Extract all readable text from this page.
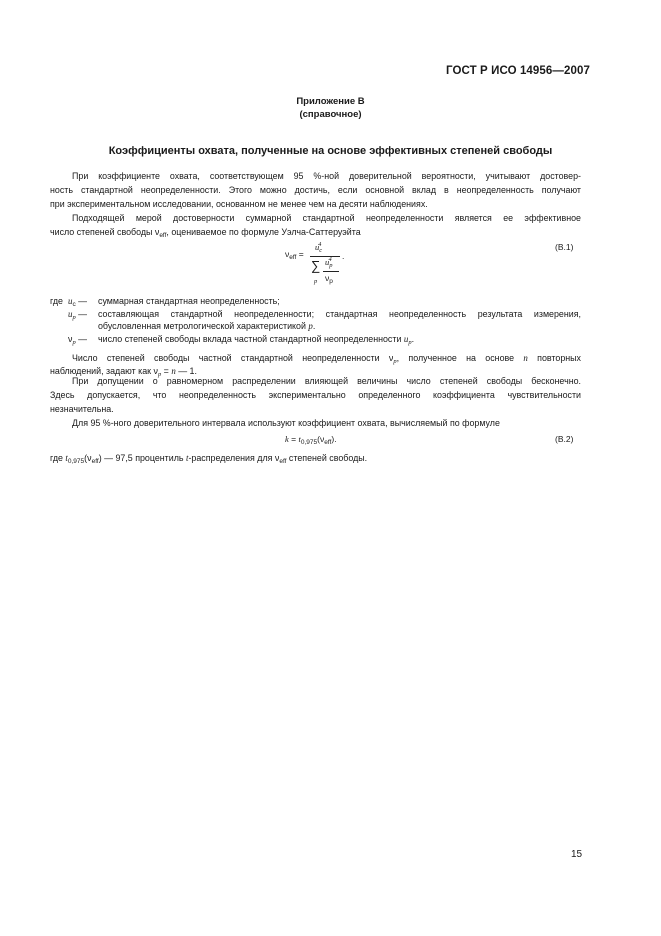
ГОСТ Р ИСО 14956—2007
Приложение В
(справочное)
Коэффициенты охвата, полученные на основе эффективных степеней свободы
При коэффициенте охвата, соответствующем 95 %-ной доверительной вероятности, учитывают достовер-
ность стандартной неопределенности. Этого можно достичь, если основной вклад в неопределенность получают
при экспериментальном исследовании, основанном не менее чем на десяти наблюдениях.
Подходящей мерой достоверности суммарной стандартной неопределенности является ее эффективное
число степеней свободы $\nu_{eff}$, оцениваемое по формуле Уэлча-Саттеруэйта
$\nu_{eff}$ =
$u_c^4$
∑
p
$u_p^4$
$\nu_p$
.
(В.1)
где $u_c$ — суммарная стандартная неопределенность;
$u_p$ — составляющая стандартной неопределенности; стандартная неопределенность результата измерения,
обусловленная метрологической характеристикой p.
$\nu_p$ — число степеней свободы вклада частной стандартной неопределенности $u_p$.
Число степеней свободы частной стандартной неопределенности $\nu_p$, полученное на основе n повторных
наблюдений, задают как $\nu_p = n$ — 1.
При допущении о равномерном распределении влияющей величины число степеней свободы бесконечно.
Здесь допускается, что неопределенность экспериментально определенного коэффициента чувствительности
незначительна.
Для 95 %-ного доверительного интервала используют коэффициент охвата, вычисляемый по формуле
$k = t_{0,975}(\nu_{eff})$.	(В.2)
где $t_{0,975}(\nu_{eff})$ — 97,5 процентиль t-распределения для $\nu_{eff}$ степеней свободы.
15
